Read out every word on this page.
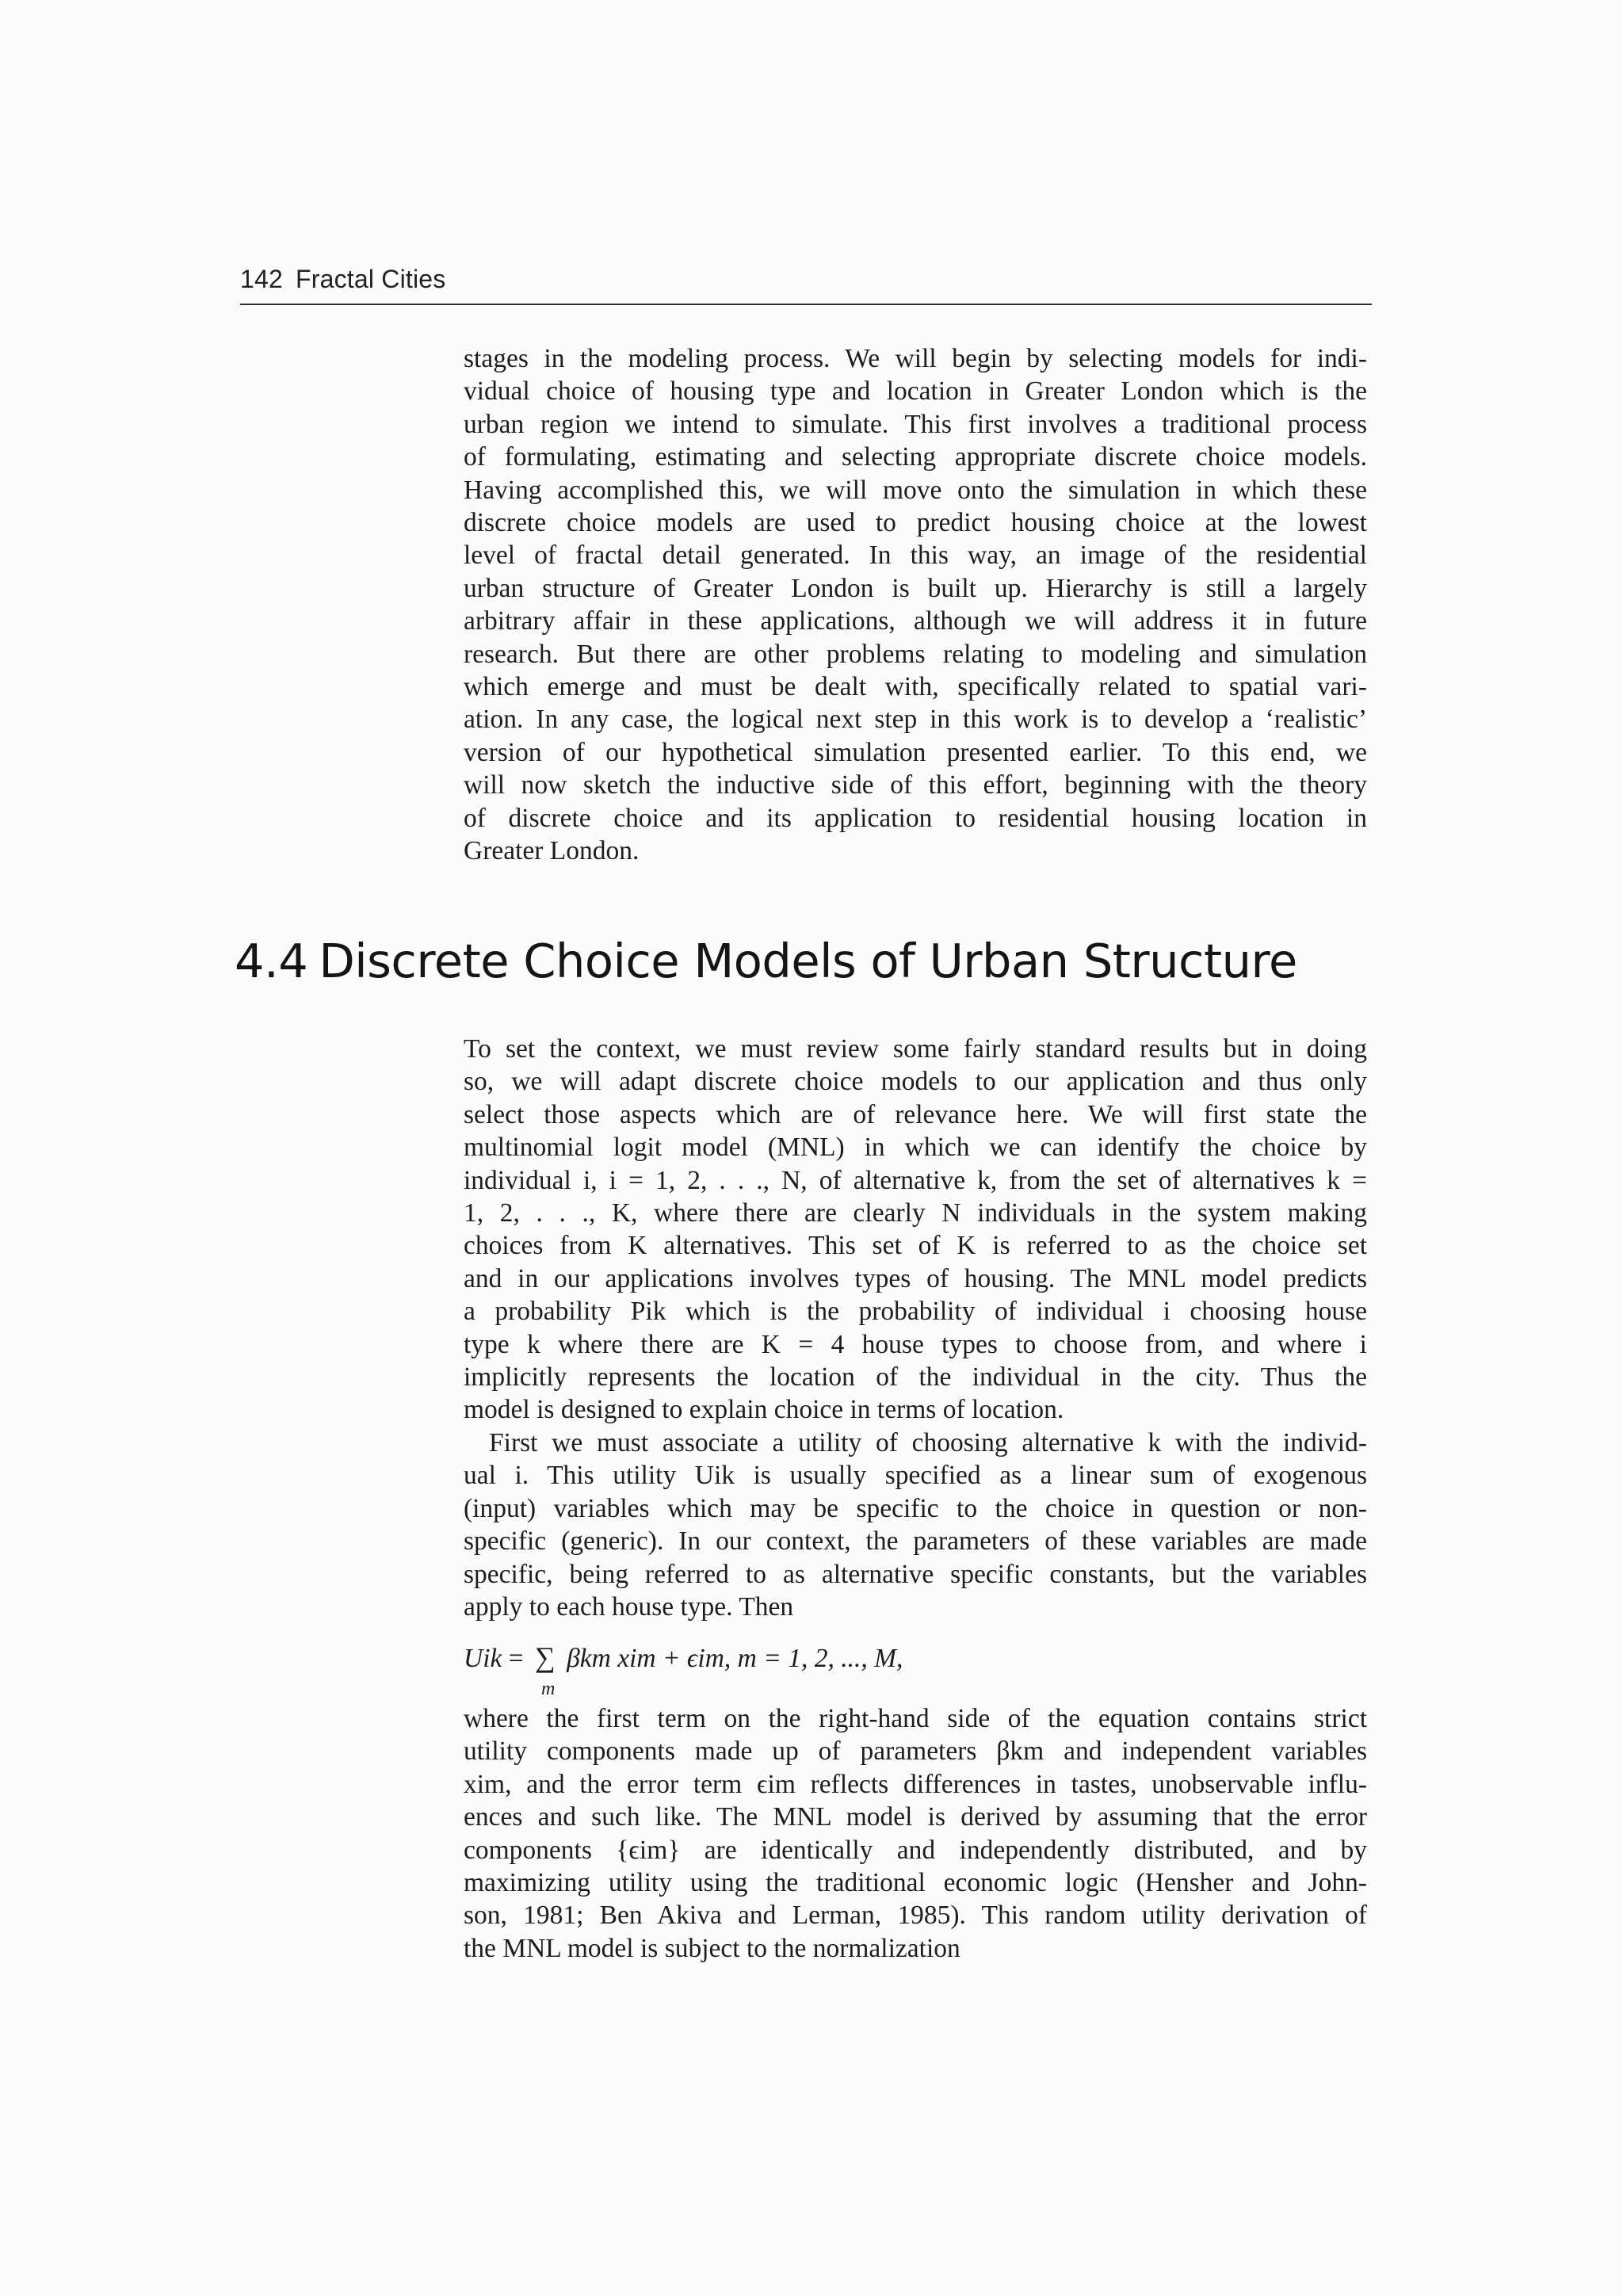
142 Fractal Cities
stages in the modeling process. We will begin by selecting models for indi-
vidual choice of housing type and location in Greater London which is the
urban region we intend to simulate. This first involves a traditional process
of formulating, estimating and selecting appropriate discrete choice models.
Having accomplished this, we will move onto the simulation in which these
discrete choice models are used to predict housing choice at the lowest
level of fractal detail generated. In this way, an image of the residential
urban structure of Greater London is built up. Hierarchy is still a largely
arbitrary affair in these applications, although we will address it in future
research. But there are other problems relating to modeling and simulation
which emerge and must be dealt with, specifically related to spatial vari-
ation. In any case, the logical next step in this work is to develop a ‘realistic’
version of our hypothetical simulation presented earlier. To this end, we
will now sketch the inductive side of this effort, beginning with the theory
of discrete choice and its application to residential housing location in
Greater London.
4.4 Discrete Choice Models of Urban Structure
To set the context, we must review some fairly standard results but in doing
so, we will adapt discrete choice models to our application and thus only
select those aspects which are of relevance here. We will first state the
multinomial logit model (MNL) in which we can identify the choice by
individual i, i = 1, 2, . . ., N, of alternative k, from the set of alternatives k =
1, 2, . . ., K, where there are clearly N individuals in the system making
choices from K alternatives. This set of K is referred to as the choice set
and in our applications involves types of housing. The MNL model predicts
a probability Pik which is the probability of individual i choosing house
type k where there are K = 4 house types to choose from, and where i
implicitly represents the location of the individual in the city. Thus the
model is designed to explain choice in terms of location.
First we must associate a utility of choosing alternative k with the individ-
ual i. This utility Uik is usually specified as a linear sum of exogenous
(input) variables which may be specific to the choice in question or non-
specific (generic). In our context, the parameters of these variables are made
specific, being referred to as alternative specific constants, but the variables
apply to each house type. Then
Uik = ∑
m
βkm xim + ϵim, m = 1, 2, ..., M,
where the first term on the right-hand side of the equation contains strict
utility components made up of parameters βkm and independent variables
xim, and the error term ϵim reflects differences in tastes, unobservable influ-
ences and such like. The MNL model is derived by assuming that the error
components {ϵim} are identically and independently distributed, and by
maximizing utility using the traditional economic logic (Hensher and John-
son, 1981; Ben Akiva and Lerman, 1985). This random utility derivation of
the MNL model is subject to the normalization
